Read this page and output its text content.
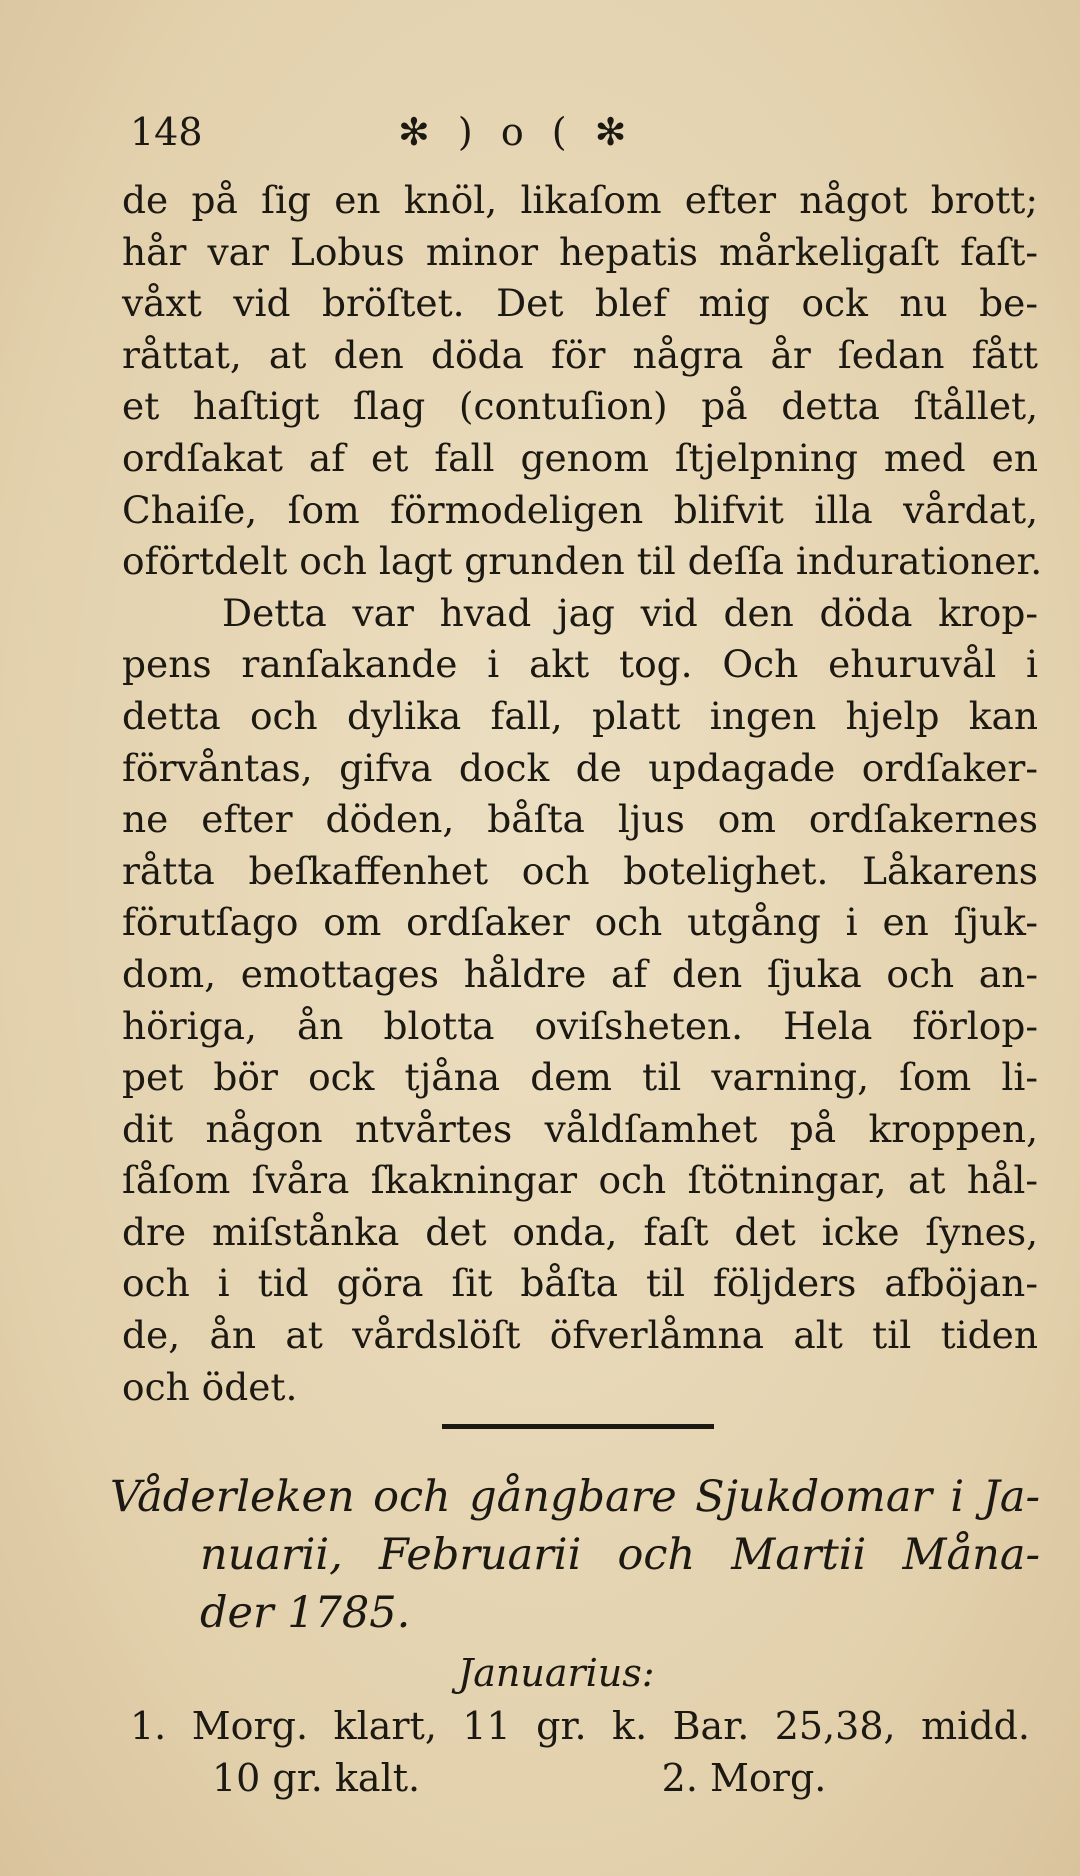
148	✻ ) o ( ✻
de på ſig en knöl, likaſom efter något brott;
hår var Lobus minor hepatis mårkeligaſt faſt-
våxt vid bröſtet. Det blef mig ock nu be-
råttat, at den döda för några år ſedan fått
et haſtigt ſlag (contuſion) på detta ſtållet,
ordſakat af et fall genom ſtjelpning med en
Chaiſe, ſom förmodeligen blifvit illa vårdat,
oförtdelt och lagt grunden til deſſa indurationer.
Detta var hvad jag vid den döda krop-
pens ranſakande i akt tog. Och ehuruvål i
detta och dylika fall, platt ingen hjelp kan
förvåntas, gifva dock de updagade ordſaker-
ne efter döden, båſta ljus om ordſakernes
råtta beſkaffenhet och botelighet. Låkarens
förutſago om ordſaker och utgång i en ſjuk-
dom, emottages håldre af den ſjuka och an-
höriga, ån blotta oviſsheten. Hela förlop-
pet bör ock tjåna dem til varning, ſom li-
dit någon ntvårtes våldſamhet på kroppen,
ſåſom ſvåra ſkakningar och ſtötningar, at hål-
dre miſstånka det onda, faſt det icke ſynes,
och i tid göra ſit båſta til följders afböjan-
de, ån at vårdslöſt öfverlåmna alt til tiden
och ödet.
Våderleken och gångbare Sjukdomar i Ja-
nuarii, Februarii och Martii Måna-
der 1785.
Januarius:
1. Morg. klart, 11 gr. k. Bar. 25,38, midd.
10 gr. kalt.                    2. Morg.
